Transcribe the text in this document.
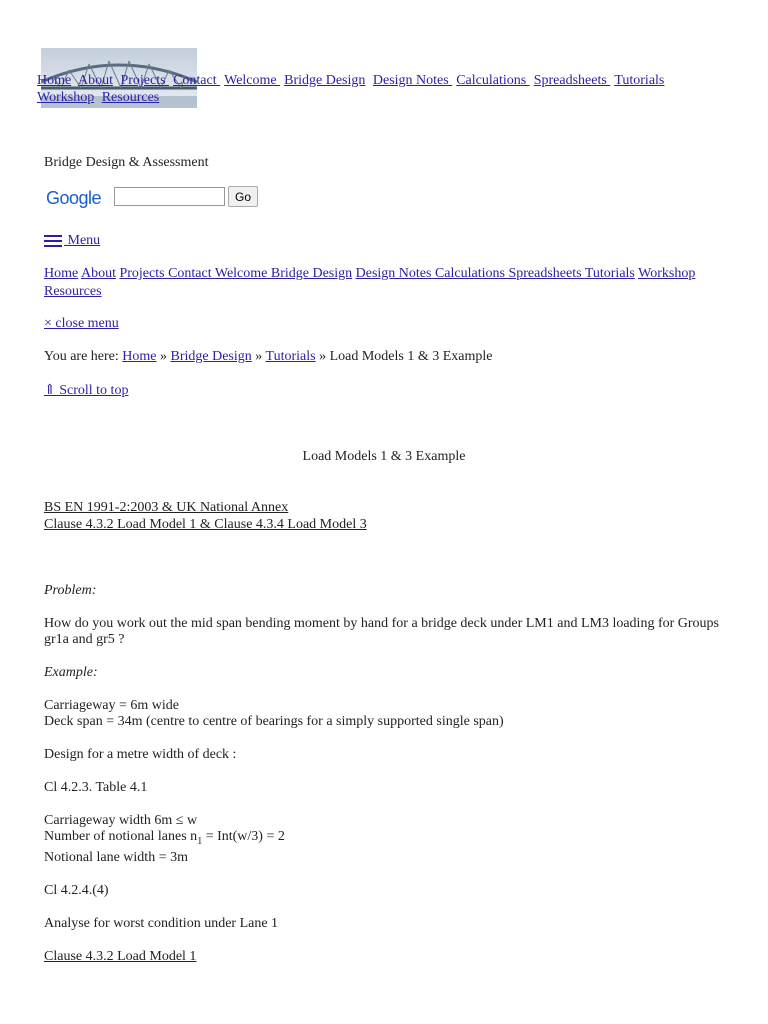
Home About Projects Contact Welcome Bridge Design Design Notes Calculations Spreadsheets Tutorials Workshop Resources
Bridge Design & Assessment
Google	Go
Menu
Home About Projects Contact Welcome Bridge Design Design Notes Calculations Spreadsheets Tutorials Workshop Resources
× close menu
You are here: Home » Bridge Design » Tutorials » Load Models 1 & 3 Example
⇑ Scroll to top
Load Models 1 & 3 Example
BS EN 1991-2:2003 & UK National Annex
Clause 4.3.2 Load Model 1 & Clause 4.3.4 Load Model 3

Problem:

How do you work out the mid span bending moment by hand for a bridge deck under LM1 and LM3 loading for Groups gr1a and gr5 ?

Example:

Carriageway = 6m wide
Deck span = 34m (centre to centre of bearings for a simply supported single span)

Design for a metre width of deck :

Cl 4.2.3. Table 4.1

Carriageway width 6m ≤ w
Number of notional lanes $n_1 = Int(w/3) = 2$
Notional lane width = 3m

Cl 4.2.4.(4)

Analyse for worst condition under Lane 1

Clause 4.3.2 Load Model 1
